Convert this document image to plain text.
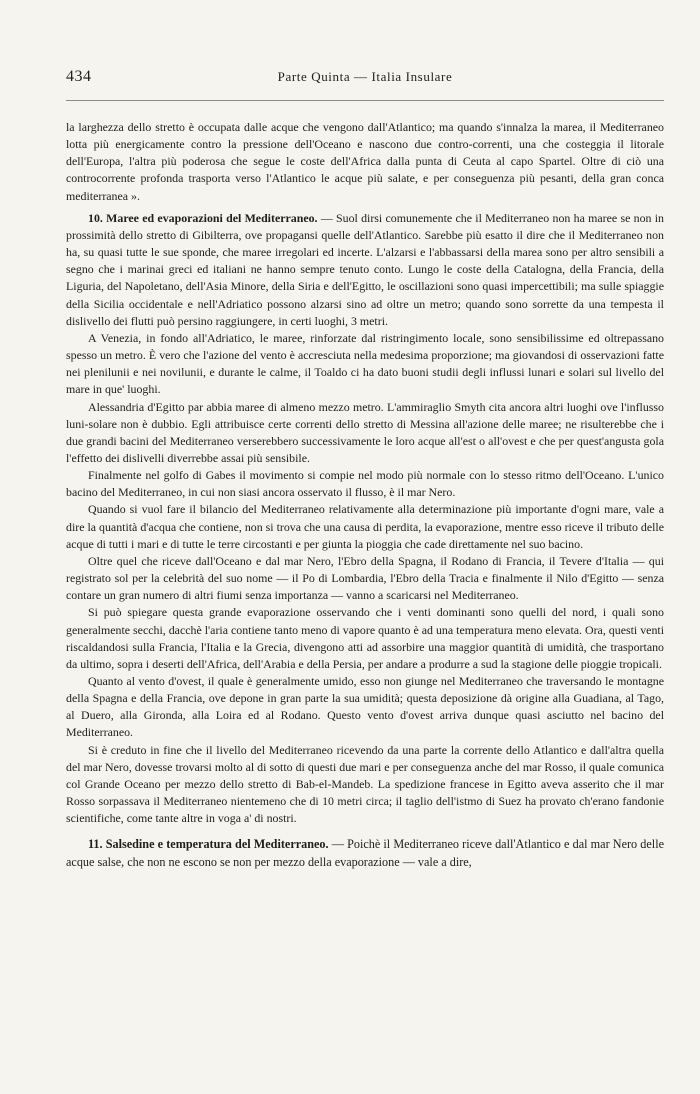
434	Parte Quinta — Italia Insulare

la larghezza dello stretto è occupata dalle acque che vengono dall'Atlantico; ma quando s'innalza la marea, il Mediterraneo lotta più energicamente contro la pressione dell'Oceano e nascono due contro-correnti, una che costeggia il litorale dell'Europa, l'altra più poderosa che segue le coste dell'Africa dalla punta di Ceuta al capo Spartel. Oltre di ciò una controcorrente profonda trasporta verso l'Atlantico le acque più salate, e per conseguenza più pesanti, della gran conca mediterranea ».

10. Maree ed evaporazioni del Mediterraneo. — Suol dirsi comunemente che il Mediterraneo non ha maree se non in prossimità dello stretto di Gibilterra, ove propagansi quelle dell'Atlantico. Sarebbe più esatto il dire che il Mediterraneo non ha, su quasi tutte le sue sponde, che maree irregolari ed incerte. L'alzarsi e l'abbassarsi della marea sono per altro sensibili a segno che i marinai greci ed italiani ne hanno sempre tenuto conto. Lungo le coste della Catalogna, della Francia, della Liguria, del Napoletano, dell'Asia Minore, della Siria e dell'Egitto, le oscillazioni sono quasi impercettibili; ma sulle spiaggie della Sicilia occidentale e nell'Adriatico possono alzarsi sino ad oltre un metro; quando sono sorrette da una tempesta il dislivello dei flutti può persino raggiungere, in certi luoghi, 3 metri.

A Venezia, in fondo all'Adriatico, le maree, rinforzate dal ristringimento locale, sono sensibilissime ed oltrepassano spesso un metro. È vero che l'azione del vento è accresciuta nella medesima proporzione; ma giovandosi di osservazioni fatte nei plenilunii e nei novilunii, e durante le calme, il Toaldo ci ha dato buoni studii degli influssi lunari e solari sul livello del mare in que' luoghi.

Alessandria d'Egitto par abbia maree di almeno mezzo metro. L'ammiraglio Smyth cita ancora altri luoghi ove l'influsso luni-solare non è dubbio. Egli attribuisce certe correnti dello stretto di Messina all'azione delle maree; ne risulterebbe che i due grandi bacini del Mediterraneo verserebbero successivamente le loro acque all'est o all'ovest e che per quest'angusta gola l'effetto dei dislivelli diverrebbe assai più sensibile.

Finalmente nel golfo di Gabes il movimento si compie nel modo più normale con lo stesso ritmo dell'Oceano. L'unico bacino del Mediterraneo, in cui non siasi ancora osservato il flusso, è il mar Nero.

Quando si vuol fare il bilancio del Mediterraneo relativamente alla determinazione più importante d'ogni mare, vale a dire la quantità d'acqua che contiene, non si trova che una causa di perdita, la evaporazione, mentre esso riceve il tributo delle acque di tutti i mari e di tutte le terre circostanti e per giunta la pioggia che cade direttamente nel suo bacino.

Oltre quel che riceve dall'Oceano e dal mar Nero, l'Ebro della Spagna, il Rodano di Francia, il Tevere d'Italia — qui registrato sol per la celebrità del suo nome — il Po di Lombardia, l'Ebro della Tracia e finalmente il Nilo d'Egitto — senza contare un gran numero di altri fiumi senza importanza — vanno a scaricarsi nel Mediterraneo.

Si può spiegare questa grande evaporazione osservando che i venti dominanti sono quelli del nord, i quali sono generalmente secchi, dacchè l'aria contiene tanto meno di vapore quanto è ad una temperatura meno elevata. Ora, questi venti riscaldandosi sulla Francia, l'Italia e la Grecia, divengono atti ad assorbire una maggior quantità di umidità, che trasportano da ultimo, sopra i deserti dell'Africa, dell'Arabia e della Persia, per andare a produrre a sud la stagione delle pioggie tropicali.

Quanto al vento d'ovest, il quale è generalmente umido, esso non giunge nel Mediterraneo che traversando le montagne della Spagna e della Francia, ove depone in gran parte la sua umidità; questa deposizione dà origine alla Guadiana, al Tago, al Duero, alla Gironda, alla Loira ed al Rodano. Questo vento d'ovest arriva dunque quasi asciutto nel bacino del Mediterraneo.

Si è creduto in fine che il livello del Mediterraneo ricevendo da una parte la corrente dello Atlantico e dall'altra quella del mar Nero, dovesse trovarsi molto al di sotto di questi due mari e per conseguenza anche del mar Rosso, il quale comunica col Grande Oceano per mezzo dello stretto di Bab-el-Mandeb. La spedizione francese in Egitto aveva asserito che il mar Rosso sorpassava il Mediterraneo nientemeno che di 10 metri circa; il taglio dell'istmo di Suez ha provato ch'erano fandonie scientifiche, come tante altre in voga a' di nostri.

11. Salsedine e temperatura del Mediterraneo. — Poichè il Mediterraneo riceve dall'Atlantico e dal mar Nero delle acque salse, che non ne escono se non per mezzo della evaporazione — vale a dire,
